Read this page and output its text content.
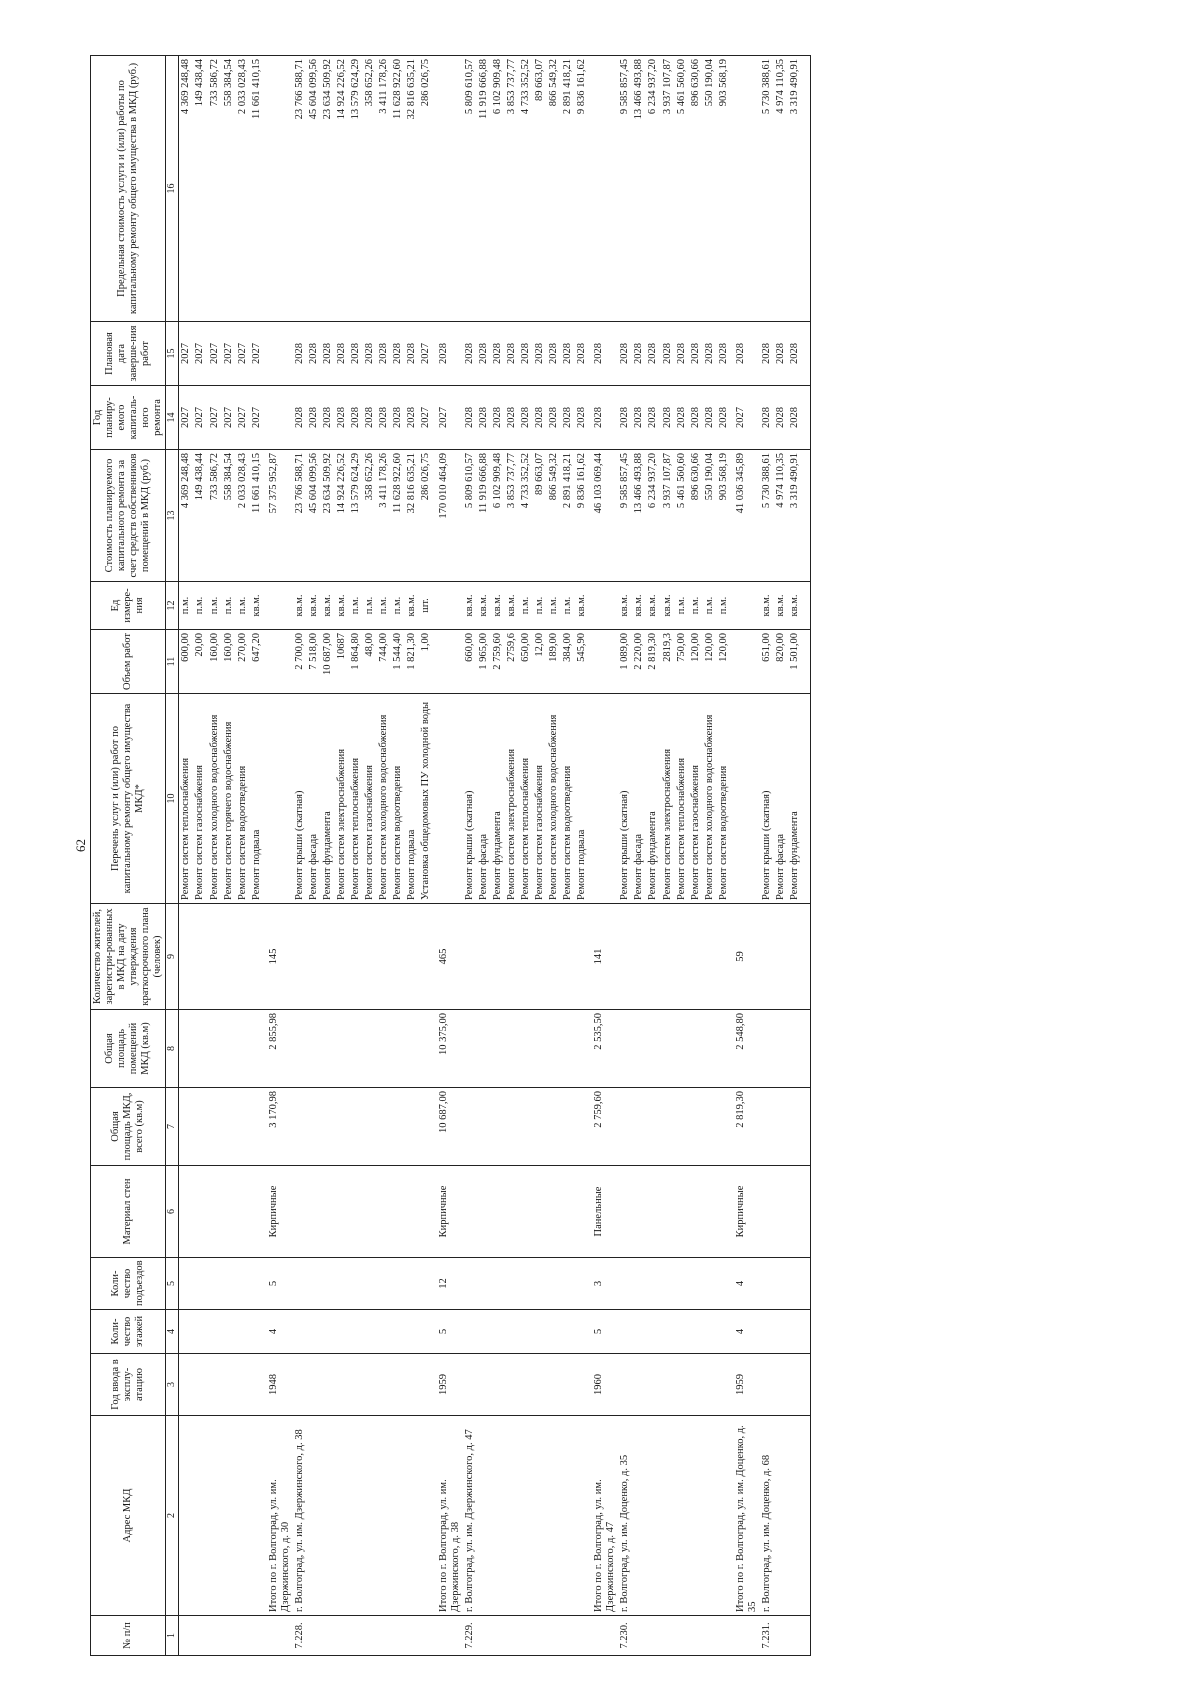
62
№ п/п	Адрес МКД	Год ввода в эксплу-атацию	Коли-чество этажей	Коли-чество подъездов	Материал стен	Общая площадь МКД, всего (кв.м)	Общая площадь помещений МКД (кв.м)	Количество жителей, зарегистри-рованных в МКД на дату утверждения краткосрочного плана (человек)	Перечень услуг и (или) работ по капитальному ремонту общего имущества МКД*	Объем работ	Ед измере-ния	Стоимость планируемого капитального ремонта за счет средств собственников помещений в МКД (руб.)	Год планиру-емого капиталь-ного ремонта	Плановая дата заверше-ния работ	Предельная стоимость услуги и (или) работы по капитальному ремонту общего имущества в МКД (руб.)
1	2	3	4	5	6	7	8	9	10	11	12	13	14	15	16
									Ремонт систем теплоснабжения	600,00	п.м.	4 369 248,48	2027	2027	4 369 248,48
									Ремонт систем газоснабжения	20,00	п.м.	149 438,44	2027	2027	149 438,44
									Ремонт систем холодного водоснабжения	160,00	п.м.	733 586,72	2027	2027	733 586,72
									Ремонт систем горячего водоснабжения	160,00	п.м.	558 384,54	2027	2027	558 384,54
									Ремонт систем водоотведения	270,00	п.м.	2 033 028,43	2027	2027	2 033 028,43
									Ремонт подвала	647,20	кв.м.	11 661 410,15	2027	2027	11 661 410,15
	Итого по г. Волгоград, ул. им. Дзержинского, д. 30	1948	4	5	Кирпичные	3 170,98	2 855,98	145				57 375 952,87			
7.228.	г. Волгоград, ул. им. Дзержинского, д. 38								Ремонт крыши (скатная)	2 700,00	кв.м.	23 766 588,71	2028	2028	23 766 588,71
									Ремонт фасада	7 518,00	кв.м.	45 604 099,56	2028	2028	45 604 099,56
									Ремонт фундамента	10 687,00	кв.м.	23 634 509,92	2028	2028	23 634 509,92
									Ремонт систем электроснабжения	10687	кв.м.	14 924 226,52	2028	2028	14 924 226,52
									Ремонт систем теплоснабжения	1 864,80	п.м.	13 579 624,29	2028	2028	13 579 624,29
									Ремонт систем газоснабжения	48,00	п.м.	358 652,26	2028	2028	358 652,26
									Ремонт систем холодного водоснабжения	744,00	п.м.	3 411 178,26	2028	2028	3 411 178,26
									Ремонт систем водоотведения	1 544,40	п.м.	11 628 922,60	2028	2028	11 628 922,60
									Ремонт подвала	1 821,30	кв.м.	32 816 635,21	2028	2028	32 816 635,21
									Установка общедомовых ПУ холодной воды	1,00	шт.	286 026,75	2027	2027	286 026,75
	Итого по г. Волгоград, ул. им. Дзержинского, д. 38	1959	5	12	Кирпичные	10 687,00	10 375,00	465				170 010 464,09	2027	2028	
7.229.	г. Волгоград, ул. им. Дзержинского, д. 47								Ремонт крыши (скатная)	660,00	кв.м.	5 809 610,57	2028	2028	5 809 610,57
									Ремонт фасада	1 965,00	кв.м.	11 919 666,88	2028	2028	11 919 666,88
									Ремонт фундамента	2 759,60	кв.м.	6 102 909,48	2028	2028	6 102 909,48
									Ремонт систем электроснабжения	2759,6	кв.м.	3 853 737,77	2028	2028	3 853 737,77
									Ремонт систем теплоснабжения	650,00	п.м.	4 733 352,52	2028	2028	4 733 352,52
									Ремонт систем газоснабжения	12,00	п.м.	89 663,07	2028	2028	89 663,07
									Ремонт систем холодного водоснабжения	189,00	п.м.	866 549,32	2028	2028	866 549,32
									Ремонт систем водоотведения	384,00	п.м.	2 891 418,21	2028	2028	2 891 418,21
									Ремонт подвала	545,90	кв.м.	9 836 161,62	2028	2028	9 836 161,62
	Итого по г. Волгоград, ул. им. Дзержинского, д. 47	1960	5	3	Панельные	2 759,60	2 535,50	141				46 103 069,44	2028	2028	
7.230.	г. Волгоград, ул. им. Доценко, д. 35								Ремонт крыши (скатная)	1 089,00	кв.м.	9 585 857,45	2028	2028	9 585 857,45
									Ремонт фасада	2 220,00	кв.м.	13 466 493,88	2028	2028	13 466 493,88
									Ремонт фундамента	2 819,30	кв.м.	6 234 937,20	2028	2028	6 234 937,20
									Ремонт систем электроснабжения	2819,3	кв.м.	3 937 107,87	2028	2028	3 937 107,87
									Ремонт систем теплоснабжения	750,00	п.м.	5 461 560,60	2028	2028	5 461 560,60
									Ремонт систем газоснабжения	120,00	п.м.	896 630,66	2028	2028	896 630,66
									Ремонт систем холодного водоснабжения	120,00	п.м.	550 190,04	2028	2028	550 190,04
									Ремонт систем водоотведения	120,00	п.м.	903 568,19	2028	2028	903 568,19
	Итого по г. Волгоград, ул. им. Доценко, д. 35	1959	4	4	Кирпичные	2 819,30	2 548,80	59				41 036 345,89	2027	2028	
7.231.	г. Волгоград, ул. им. Доценко, д. 68								Ремонт крыши (скатная)	651,00	кв.м.	5 730 388,61	2028	2028	5 730 388,61
									Ремонт фасада	820,00	кв.м.	4 974 110,35	2028	2028	4 974 110,35
									Ремонт фундамента	1 501,00	кв.м.	3 319 490,91	2028	2028	3 319 490,91
